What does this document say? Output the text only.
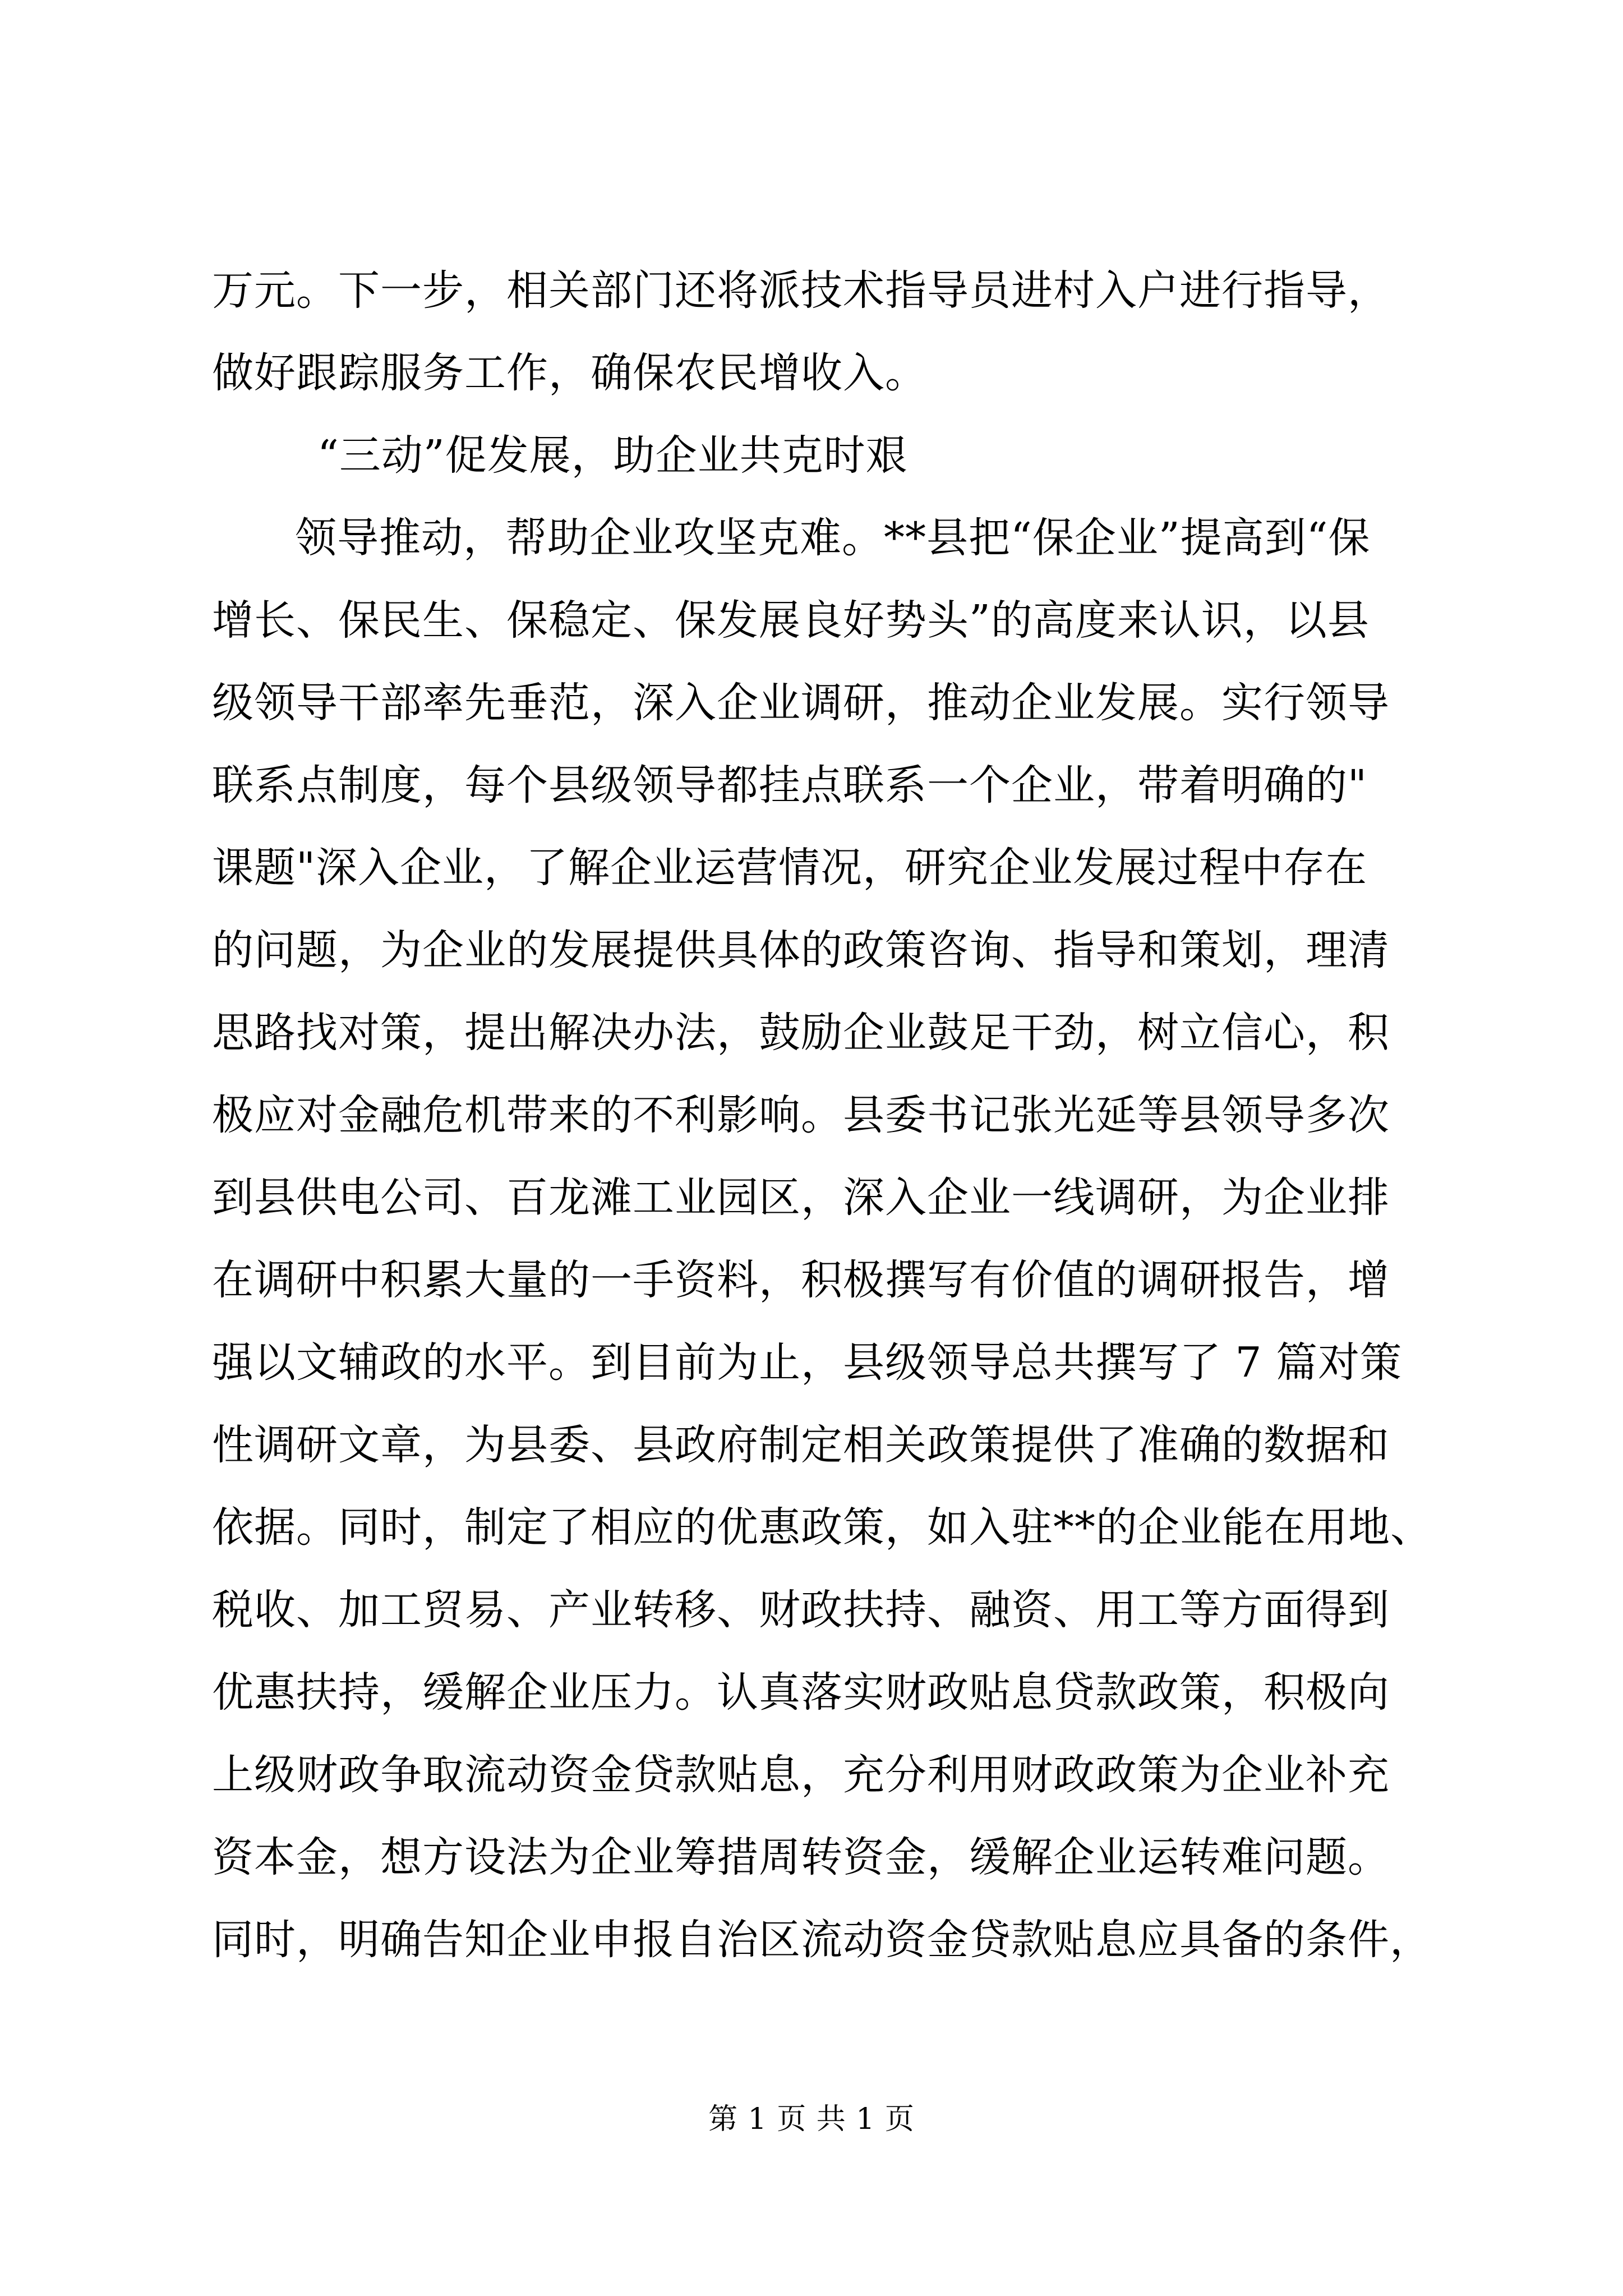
万元。下一步，相关部门还将派技术指导员进村入户进行指导，
做好跟踪服务工作，确保农民增收入。
“三动”促发展，助企业共克时艰
领导推动，帮助企业攻坚克难。**县把“保企业”提高到“保
增长、保民生、保稳定、保发展良好势头”的高度来认识，以县
级领导干部率先垂范，深入企业调研，推动企业发展。实行领导
联系点制度，每个县级领导都挂点联系一个企业，带着明确的"
课题"深入企业，了解企业运营情况，研究企业发展过程中存在
的问题，为企业的发展提供具体的政策咨询、指导和策划，理清
思路找对策，提出解决办法，鼓励企业鼓足干劲，树立信心，积
极应对金融危机带来的不利影响。县委书记张光延等县领导多次
到县供电公司、百龙滩工业园区，深入企业一线调研，为企业排
在调研中积累大量的一手资料，积极撰写有价值的调研报告，增
强以文辅政的水平。到目前为止，县级领导总共撰写了 7 篇对策
性调研文章，为县委、县政府制定相关政策提供了准确的数据和
依据。同时，制定了相应的优惠政策，如入驻**的企业能在用地、
税收、加工贸易、产业转移、财政扶持、融资、用工等方面得到
优惠扶持，缓解企业压力。认真落实财政贴息贷款政策，积极向
上级财政争取流动资金贷款贴息，充分利用财政政策为企业补充
资本金，想方设法为企业筹措周转资金，缓解企业运转难问题。
同时，明确告知企业申报自治区流动资金贷款贴息应具备的条件，
第 1 页 共 1 页
